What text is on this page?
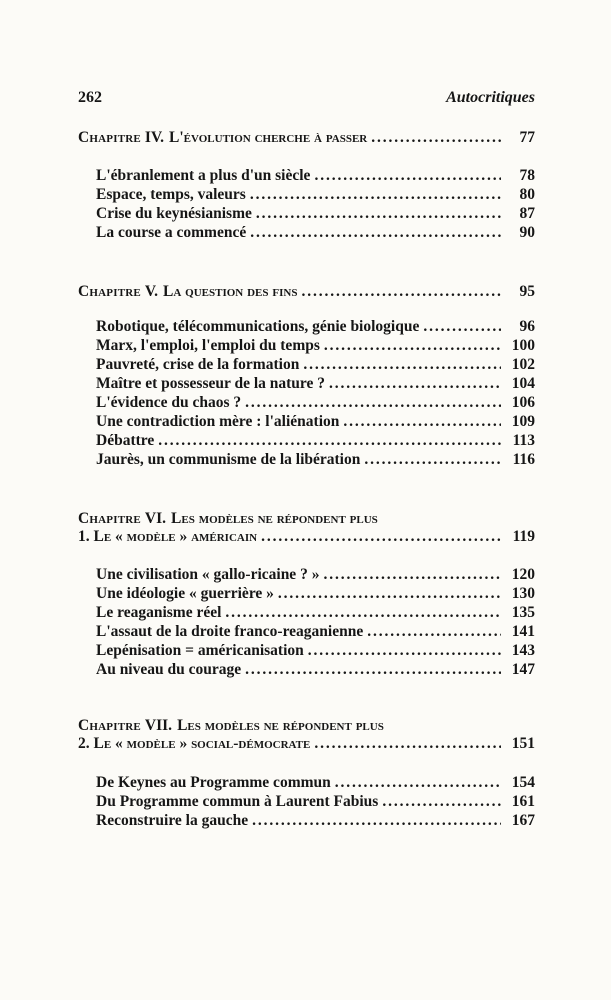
262	Autocritiques
Chapitre IV. L'évolution cherche à passer . . .	77
L'ébranlement a plus d'un siècle . . .	78
Espace, temps, valeurs . . .	80
Crise du keynésianisme . . .	87
La course a commencé . . .	90
Chapitre V. La question des fins . . .	95
Robotique, télécommunications, génie biologique . . .	96
Marx, l'emploi, l'emploi du temps . . .	100
Pauvreté, crise de la formation . . .	102
Maître et possesseur de la nature ? . . .	104
L'évidence du chaos ? . . .	106
Une contradiction mère : l'aliénation . . .	109
Débattre . . .	113
Jaurès, un communisme de la libération . . .	116
Chapitre VI. Les modèles ne répondent plus
1. Le « modèle » américain . . .	119
Une civilisation « gallo-ricaine ? » . . .	120
Une idéologie « guerrière » . . .	130
Le reaganisme réel . . .	135
L'assaut de la droite franco-reaganienne . . .	141
Lepénisation = américanisation . . .	143
Au niveau du courage . . .	147
Chapitre VII. Les modèles ne répondent plus
2. Le « modèle » social-démocrate . . .	151
De Keynes au Programme commun . . .	154
Du Programme commun à Laurent Fabius . . .	161
Reconstruire la gauche . . .	167
